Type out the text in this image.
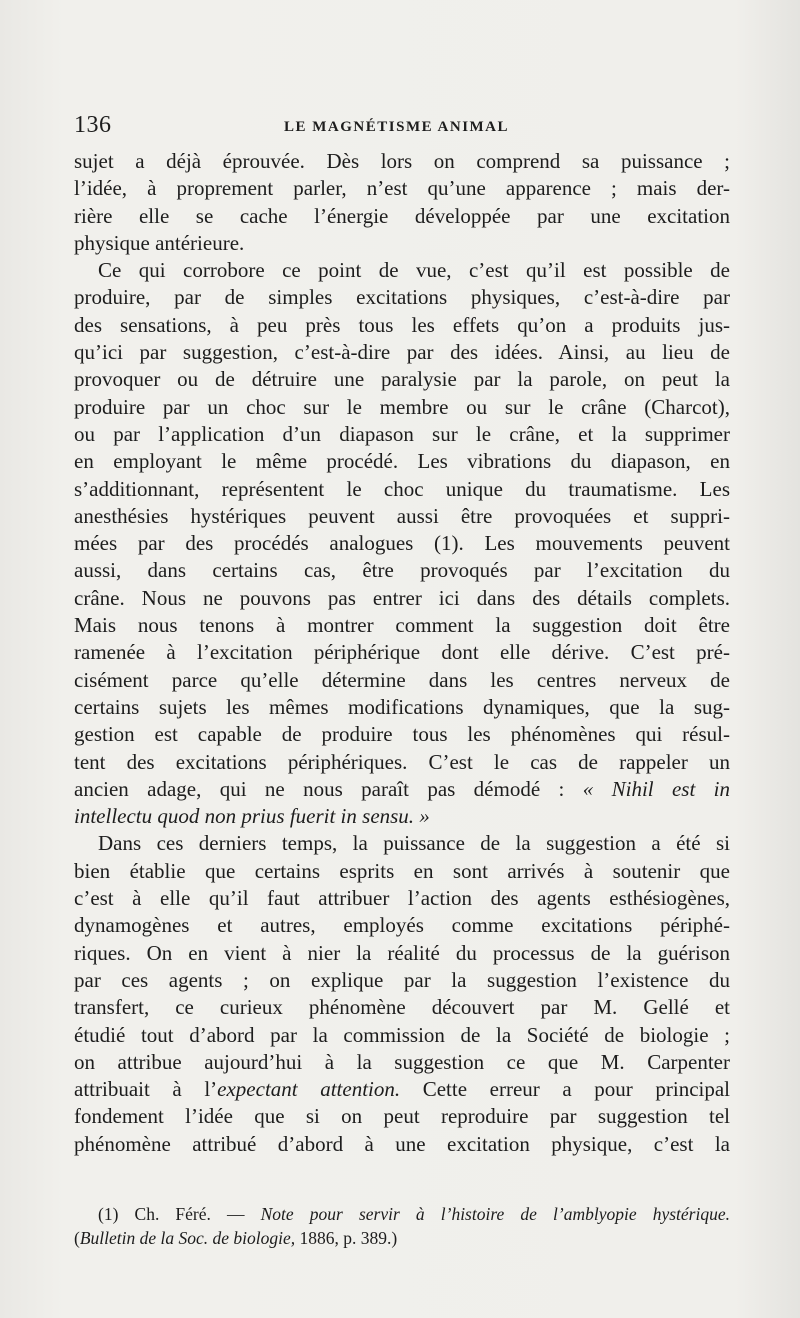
136	LE MAGNÉTISME ANIMAL
sujet a déjà éprouvée. Dès lors on comprend sa puissance ;
l’idée, à proprement parler, n’est qu’une apparence ; mais der-
rière elle se cache l’énergie développée par une excitation
physique antérieure.
Ce qui corrobore ce point de vue, c’est qu’il est possible de
produire, par de simples excitations physiques, c’est-à-dire par
des sensations, à peu près tous les effets qu’on a produits jus-
qu’ici par suggestion, c’est-à-dire par des idées. Ainsi, au lieu de
provoquer ou de détruire une paralysie par la parole, on peut la
produire par un choc sur le membre ou sur le crâne (Charcot),
ou par l’application d’un diapason sur le crâne, et la supprimer
en employant le même procédé. Les vibrations du diapason, en
s’additionnant, représentent le choc unique du traumatisme. Les
anesthésies hystériques peuvent aussi être provoquées et suppri-
mées par des procédés analogues (1). Les mouvements peuvent
aussi, dans certains cas, être provoqués par l’excitation du
crâne. Nous ne pouvons pas entrer ici dans des détails complets.
Mais nous tenons à montrer comment la suggestion doit être
ramenée à l’excitation périphérique dont elle dérive. C’est pré-
cisément parce qu’elle détermine dans les centres nerveux de
certains sujets les mêmes modifications dynamiques, que la sug-
gestion est capable de produire tous les phénomènes qui résul-
tent des excitations périphériques. C’est le cas de rappeler un
ancien adage, qui ne nous paraît pas démodé : « Nihil est in
intellectu quod non prius fuerit in sensu. »
Dans ces derniers temps, la puissance de la suggestion a été si
bien établie que certains esprits en sont arrivés à soutenir que
c’est à elle qu’il faut attribuer l’action des agents esthésiogènes,
dynamogènes et autres, employés comme excitations périphé-
riques. On en vient à nier la réalité du processus de la guérison
par ces agents ; on explique par la suggestion l’existence du
transfert, ce curieux phénomène découvert par M. Gellé et
étudié tout d’abord par la commission de la Société de biologie ;
on attribue aujourd’hui à la suggestion ce que M. Carpenter
attribuait à l’expectant attention. Cette erreur a pour principal
fondement l’idée que si on peut reproduire par suggestion tel
phénomène attribué d’abord à une excitation physique, c’est la
(1) Ch. Féré. — Note pour servir à l’histoire de l’amblyopie hystérique.
(Bulletin de la Soc. de biologie, 1886, p. 389.)
